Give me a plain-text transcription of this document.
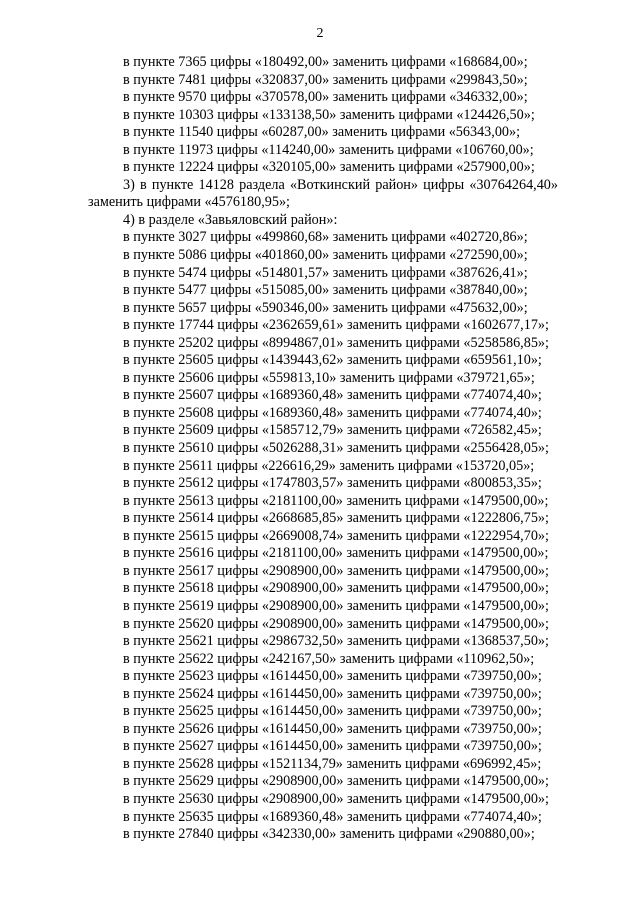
2
в пункте 7365 цифры «180492,00» заменить цифрами «168684,00»;
в пункте 7481 цифры «320837,00» заменить цифрами «299843,50»;
в пункте 9570 цифры «370578,00» заменить цифрами «346332,00»;
в пункте 10303 цифры «133138,50» заменить цифрами «124426,50»;
в пункте 11540 цифры «60287,00» заменить цифрами «56343,00»;
в пункте 11973 цифры «114240,00» заменить цифрами «106760,00»;
в пункте 12224 цифры «320105,00» заменить цифрами «257900,00»;
3) в пункте 14128 раздела «Воткинский район» цифры «30764264,40»
заменить цифрами «4576180,95»;
4) в разделе «Завьяловский район»:
в пункте 3027 цифры «499860,68» заменить цифрами «402720,86»;
в пункте 5086 цифры «401860,00» заменить цифрами «272590,00»;
в пункте 5474 цифры «514801,57» заменить цифрами «387626,41»;
в пункте 5477 цифры «515085,00» заменить цифрами «387840,00»;
в пункте 5657 цифры «590346,00» заменить цифрами «475632,00»;
в пункте 17744 цифры «2362659,61» заменить цифрами «1602677,17»;
в пункте 25202 цифры «8994867,01» заменить цифрами «5258586,85»;
в пункте 25605 цифры «1439443,62» заменить цифрами «659561,10»;
в пункте 25606 цифры «559813,10» заменить цифрами «379721,65»;
в пункте 25607 цифры «1689360,48» заменить цифрами «774074,40»;
в пункте 25608 цифры «1689360,48» заменить цифрами «774074,40»;
в пункте 25609 цифры «1585712,79» заменить цифрами «726582,45»;
в пункте 25610 цифры «5026288,31» заменить цифрами «2556428,05»;
в пункте 25611 цифры «226616,29» заменить цифрами «153720,05»;
в пункте 25612 цифры «1747803,57» заменить цифрами «800853,35»;
в пункте 25613 цифры «2181100,00» заменить цифрами «1479500,00»;
в пункте 25614 цифры «2668685,85» заменить цифрами «1222806,75»;
в пункте 25615 цифры «2669008,74» заменить цифрами «1222954,70»;
в пункте 25616 цифры «2181100,00» заменить цифрами «1479500,00»;
в пункте 25617 цифры «2908900,00» заменить цифрами «1479500,00»;
в пункте 25618 цифры «2908900,00» заменить цифрами «1479500,00»;
в пункте 25619 цифры «2908900,00» заменить цифрами «1479500,00»;
в пункте 25620 цифры «2908900,00» заменить цифрами «1479500,00»;
в пункте 25621 цифры «2986732,50» заменить цифрами «1368537,50»;
в пункте 25622 цифры «242167,50» заменить цифрами «110962,50»;
в пункте 25623 цифры «1614450,00» заменить цифрами «739750,00»;
в пункте 25624 цифры «1614450,00» заменить цифрами «739750,00»;
в пункте 25625 цифры «1614450,00» заменить цифрами «739750,00»;
в пункте 25626 цифры «1614450,00» заменить цифрами «739750,00»;
в пункте 25627 цифры «1614450,00» заменить цифрами «739750,00»;
в пункте 25628 цифры «1521134,79» заменить цифрами «696992,45»;
в пункте 25629 цифры «2908900,00» заменить цифрами «1479500,00»;
в пункте 25630 цифры «2908900,00» заменить цифрами «1479500,00»;
в пункте 25635 цифры «1689360,48» заменить цифрами «774074,40»;
в пункте 27840 цифры «342330,00» заменить цифрами «290880,00»;
